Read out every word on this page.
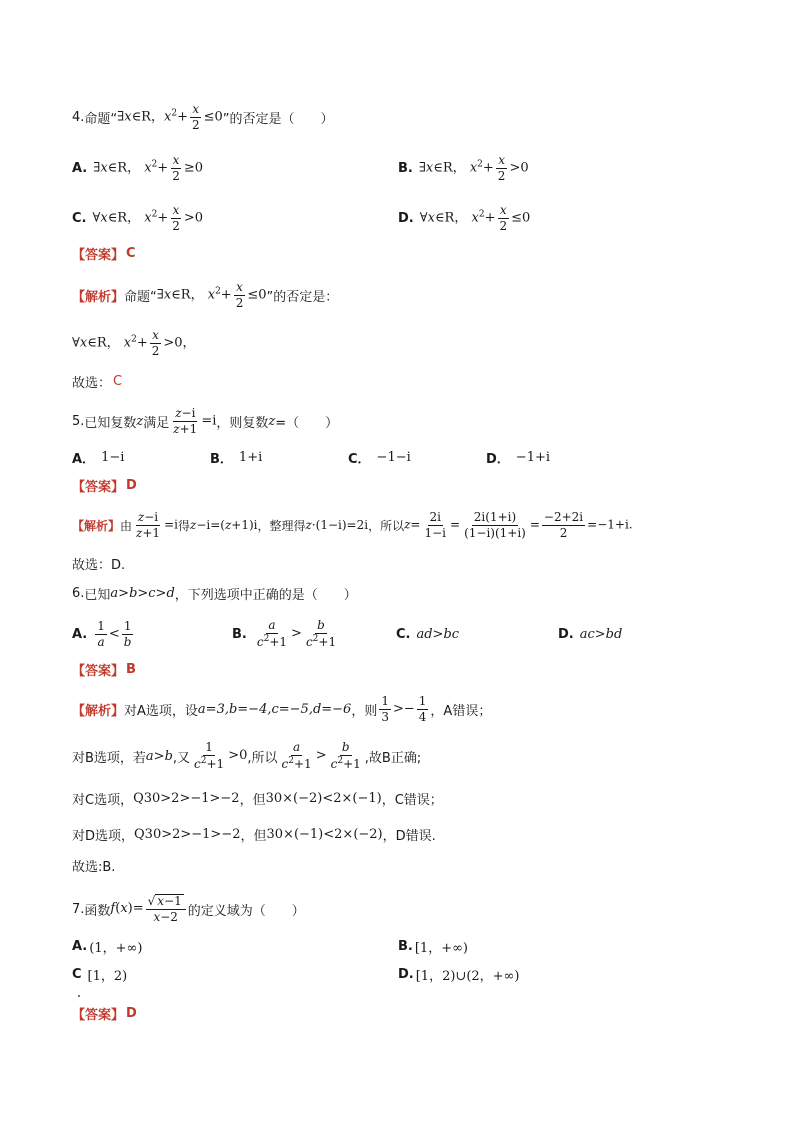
4. 命题“ ∃x∈R，$x^2+ \frac{x}{2} \le 0$ ”的否定是（　　）
A. ∃x∈R， $x^2+ \frac{x}{2} \ge 0$	B. ∃x∈R， $x^2+ \frac{x}{2} >0$
C. ∀x∈R， $x^2+ \frac{x}{2} >0$	D. ∀x∈R， $x^2+ \frac{x}{2} \le 0$
【答案】 C
【解析】 命题“ ∃x∈R， $x^2+ \frac{x}{2} \le 0$ ”的否定是：
∀x∈R， $x^2+ \frac{x}{2} >0$，
故选： C
5. 已知复数 z 满足 $\frac{z-i}{z+1} =i$ ，则复数 z =（　　）
A． 1−i	B． 1+i	C． −1−i	D． −1+i
【答案】 D
【解析】 由 $\frac{z-i}{z+1} =i$ 得 z−i=(z+1)i ，整理得 z·(1−i)=2i ，所以 $z= \frac{2i}{1-i} = \frac{2i(1+i)}{(1-i)(1+i)} = \frac{-2+2i}{2} =-1+i$.
故选：D.
6. 已知 a>b>c>d ，下列选项中正确的是（　　）
A. $\frac{1}{a} < \frac{1}{b}$	B. $\frac{a}{c^2+1} > \frac{b}{c^2+1}$	C. ad>bc	D. ac>bd
【答案】 B
【解析】 对A选项，设 a=3,b=−4,c=−5,d=−6 ，则 $\frac{1}{3} >- \frac{1}{4}$ ，A错误；
对B选项，若 a>b ,又 $\frac{1}{c^2+1} >0$ ,所以 $\frac{a}{c^2+1} > \frac{b}{c^2+1}$ ,故B正确;
对C选项， Q30>2>−1>−2 ，但 30×(−2)<2×(−1) ，C错误；
对D选项， Q30>2>−1>−2 ，但 30×(−1)<2×(−2) ，D错误.
故选:B.
7. 函数 $f(x)= \frac{√ x-1}{x-2}$ 的定义域为（　　）
A. (1，+∞)	B. [1，+∞)
C [1，2)	D. [1，2)∪(2，+∞)
【答案】 D
